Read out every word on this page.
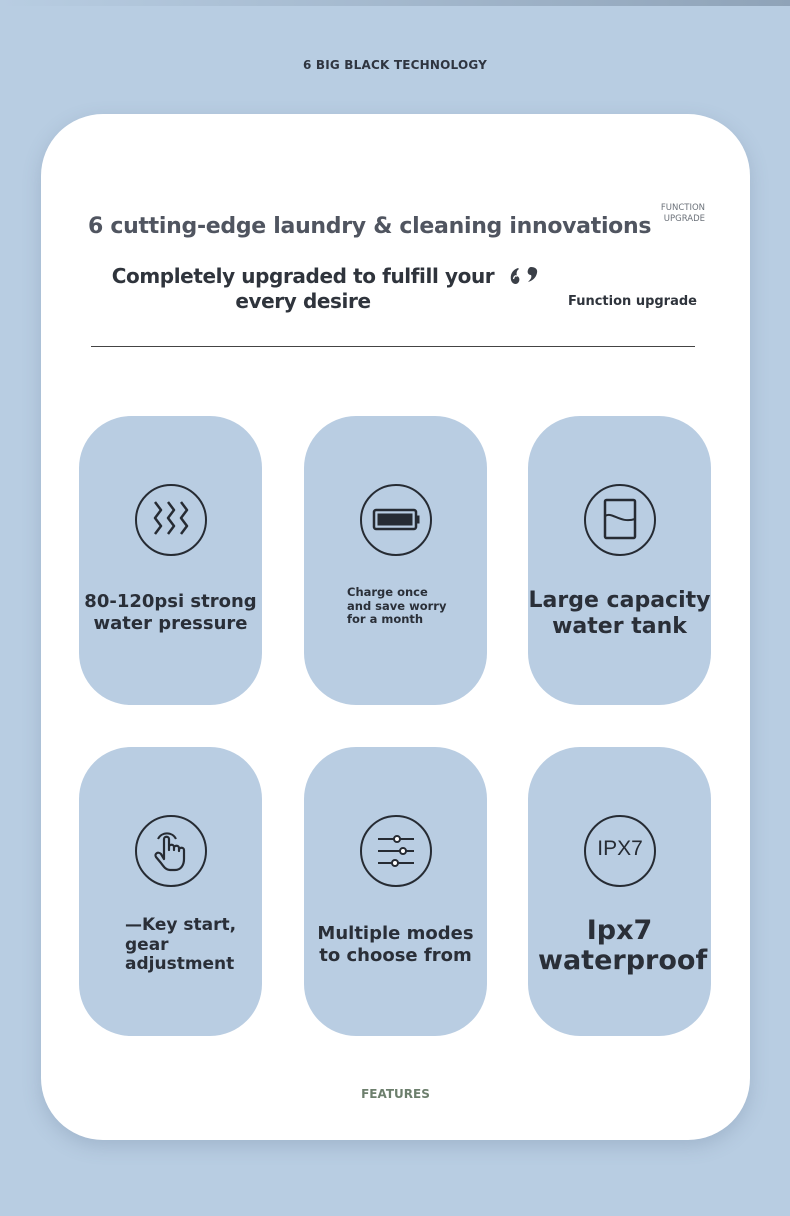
6 BIG BLACK TECHNOLOGY
FUNCTION
UPGRADE
6 cutting-edge laundry & cleaning innovations
Completely upgraded to fulfill your every desire	Function upgrade
80-120psi strong water pressure
Charge once and save worry for a month
Large capacity water tank
—Key start, gear adjustment
Multiple modes to choose from
IPX7
Ipx7 waterproof
FEATURES
